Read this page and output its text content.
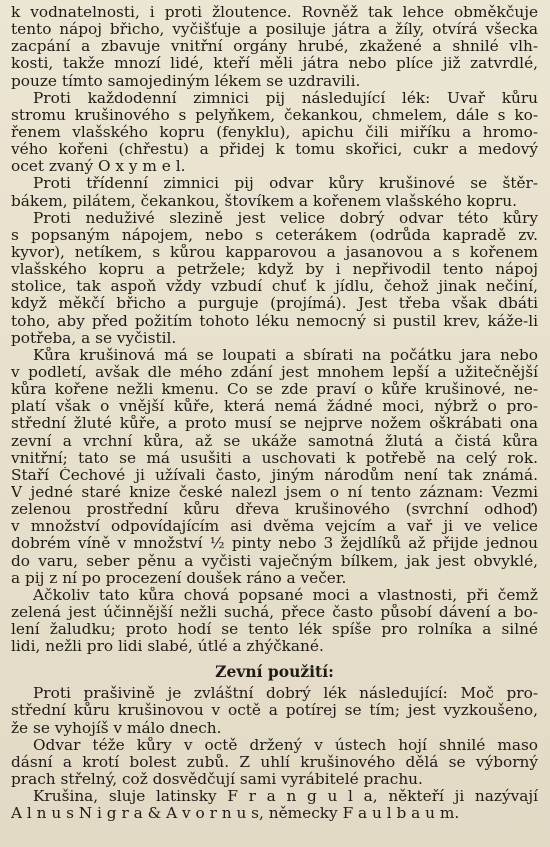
k vodnatelnosti, i proti žloutence. Rovněž tak lehce obměkčuje
tento nápoj břicho, vyčišťuje a posiluje játra a žíly, otvírá všecka
zacpání a zbavuje vnitřní orgány hrubé, zkažené a shnilé vlh-
kosti, takže mnozí lidé, kteří měli játra nebo plíce již zatvrdlé,
pouze tímto samojediným lékem se uzdravili.
Proti každodenní zimnici pij následující lék: Uvař kůru
stromu krušinového s pelyňkem, čekankou, chmelem, dále s ko-
řenem vlašského kopru (fenyklu), apichu čili miříku a hromo-
vého kořeni (chřestu) a přidej k tomu skořici, cukr a medový
ocet zvaný O x y m e l.
Proti třídenní zimnici pij odvar kůry krušinové se štěr-
bákem, pilátem, čekankou, štovíkem a kořenem vlašského kopru.
Proti neduživé slezině jest velice dobrý odvar této kůry
s popsaným nápojem, nebo s ceterákem (odrůda kapradě zv.
kyvor), netíkem, s kůrou kapparovou a jasanovou a s kořenem
vlašského kopru a petržele; když by i nepřivodil tento nápoj
stolice, tak aspoň vždy vzbudí chuť k jídlu, čehož jinak nečiní,
když měkčí břicho a purguje (projímá). Jest třeba však dbáti
toho, aby před požitím tohoto léku nemocný si pustil krev, káže-li
potřeba, a se vyčistil.
Kůra krušinová má se loupati a sbírati na počátku jara nebo
v podletí, avšak dle mého zdání jest mnohem lepší a užitečnější
kůra kořene nežli kmenu. Co se zde praví o kůře krušinové, ne-
platí však o vnější kůře, která nemá žádné moci, nýbrž o pro-
střední žluté kůře, a proto musí se nejprve nožem oškrábati ona
zevní a vrchní kůra, až se ukáže samotná žlutá a čistá kůra
vnitřní; tato se má usušiti a uschovati k potřebě na celý rok.
Staří Čechové ji užívali často, jiným národům není tak známá.
V jedné staré knize české nalezl jsem o ní tento záznam: Vezmi
zelenou prostřední kůru dřeva krušinového (svrchní odhoď)
v množství odpovídajícím asi dvěma vejcím a vař ji ve velice
dobrém víně v množství ½ pinty nebo 3 žejdlíků až přijde jednou
do varu, seber pěnu a vyčisti vaječným bílkem, jak jest obvyklé,
a pij z ní po procezení doušek ráno a večer.
Ačkoliv tato kůra chová popsané moci a vlastnosti, při čemž
zelená jest účinnější nežli suchá, přece často působí dávení a bo-
lení žaludku; proto hodí se tento lék spíše pro rolníka a silné
lidi, nežli pro lidi slabé, útlé a zhýčkané.
Zevní použití:
Proti prašivině je zvláštní dobrý lék následující: Moč pro-
střední kůru krušinovou v octě a potírej se tím; jest vyzkoušeno,
že se vyhojíš v málo dnech.
Odvar téže kůry v octě držený v ústech hojí shnilé maso
dásní a krotí bolest zubů. Z uhlí krušinového dělá se výborný
prach střelný, což dosvědčují sami vyrábitelé prachu.
Krušina, sluje latinsky F r a n g u l a, někteří ji nazývají
A l n u s N i g r a & A v o r n u s, německy F a u l b a u m.
